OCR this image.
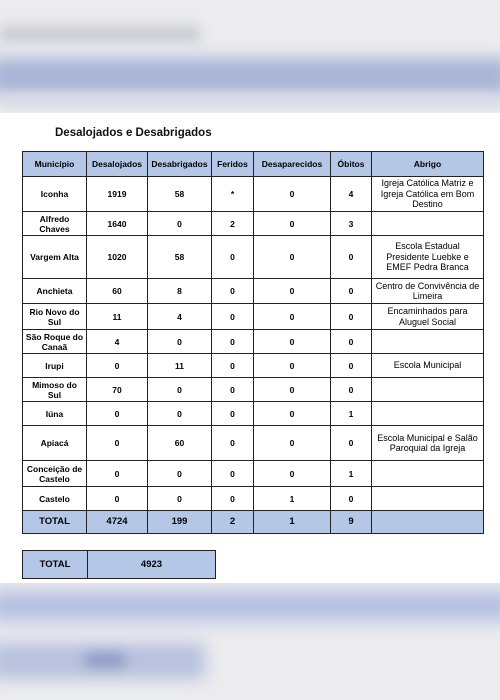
Desalojados e Desabrigados
Município	Desalojados	Desabrigados	Feridos	Desaparecidos	Óbitos	Abrigo
Iconha	1919	58	*	0	4	Igreja Católica Matriz e Igreja Católica em Bom Destino
Alfredo Chaves	1640	0	2	0	3	
Vargem Alta	1020	58	0	0	0	Escola Estadual Presidente Luebke e EMEF Pedra Branca
Anchieta	60	8	0	0	0	Centro de Convivência de Limeira
Rio Novo do Sul	11	4	0	0	0	Encaminhados para Aluguel Social
São Roque do Canaã	4	0	0	0	0	
Irupi	0	11	0	0	0	Escola Municipal
Mimoso do Sul	70	0	0	0	0	
Iúna	0	0	0	0	1	
Apiacá	0	60	0	0	0	Escola Municipal e Salão Paroquial da Igreja
Conceição de Castelo	0	0	0	0	1	
Castelo	0	0	0	1	0	
TOTAL	4724	199	2	1	9	
TOTAL	4923
